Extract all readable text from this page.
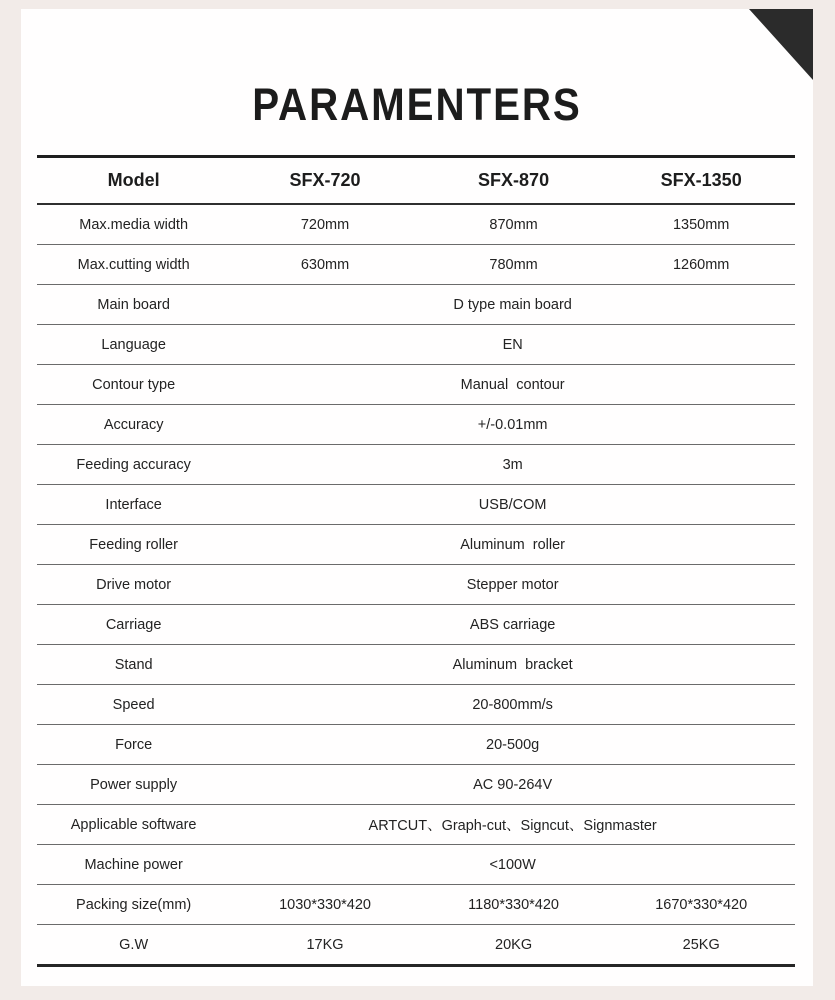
PARAMENTERS
Model	SFX-720	SFX-870	SFX-1350
Max.media width	720mm	870mm	1350mm
Max.cutting width	630mm	780mm	1260mm
Main board	D type main board		
Language	EN		
Contour type	Manual  contour		
Accuracy	+/-0.01mm		
Feeding accuracy	3m		
Interface	USB/COM		
Feeding roller	Aluminum  roller		
Drive motor	Stepper motor		
Carriage	ABS carriage		
Stand	Aluminum  bracket		
Speed	20-800mm/s		
Force	20-500g		
Power supply	AC 90-264V		
Applicable software	ARTCUT、Graph-cut、Signcut、Signmaster		
Machine power	<100W		
Packing size(mm)	1030*330*420	1180*330*420	1670*330*420
G.W	17KG	20KG	25KG
